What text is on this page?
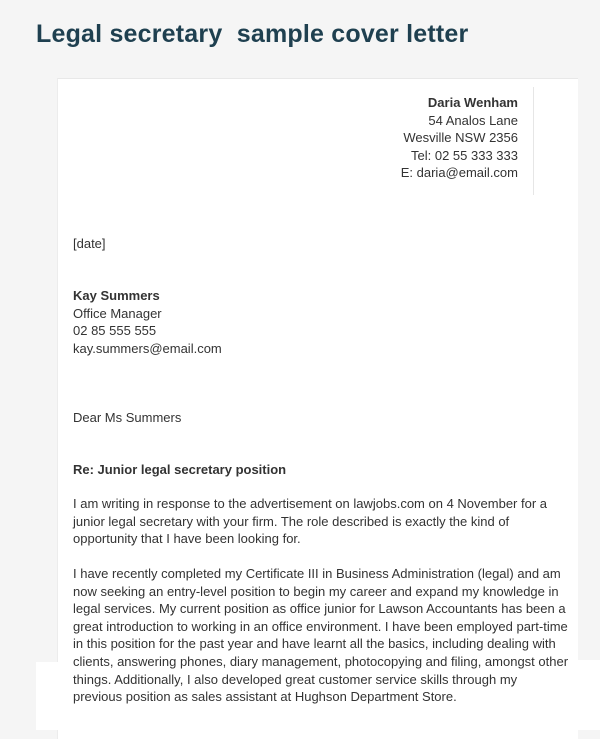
Legal secretary  sample cover letter
Daria Wenham
54 Analos Lane
Wesville NSW 2356
Tel: 02 55 333 333
E: daria@email.com
[date]
Kay Summers
Office Manager
02 85 555 555
kay.summers@email.com
Dear Ms Summers
Re: Junior legal secretary position

I am writing in response to the advertisement on lawjobs.com on 4 November for a
junior legal secretary with your firm. The role described is exactly the kind of
opportunity that I have been looking for.

I have recently completed my Certificate III in Business Administration (legal) and am
now seeking an entry-level position to begin my career and expand my knowledge in
legal services. My current position as office junior for Lawson Accountants has been a
great introduction to working in an office environment. I have been employed part-time
in this position for the past year and have learnt all the basics, including dealing with
clients, answering phones, diary management, photocopying and filing, amongst other
things. Additionally, I also developed great customer service skills through my
previous position as sales assistant at Hughson Department Store.
